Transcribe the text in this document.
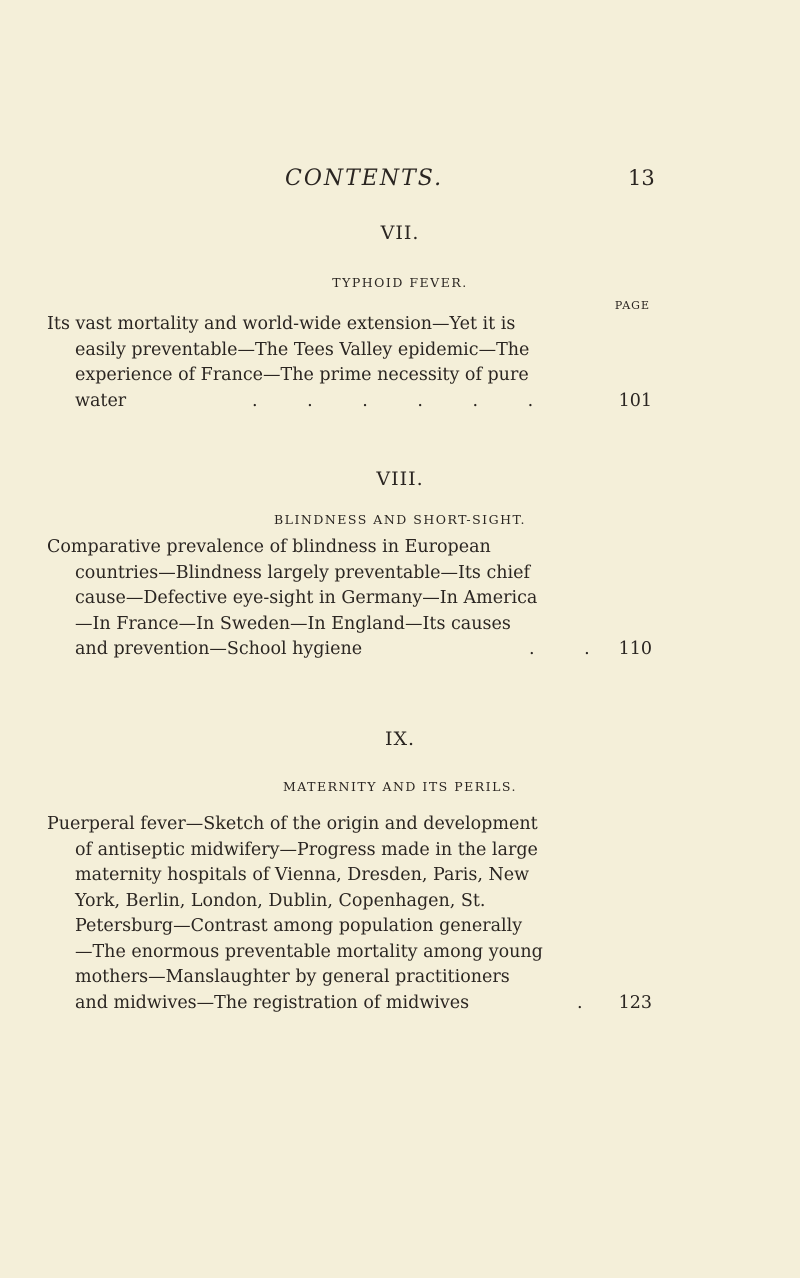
CONTENTS.	13
VII.
TYPHOID FEVER.
PAGE
Its vast mortality and world-wide extension—Yet it is
easily preventable—The Tees Valley epidemic—The
experience of France—The prime necessity of pure
water	. . . . . .	101
VIII.
BLINDNESS AND SHORT-SIGHT.
Comparative prevalence of blindness in European
countries—Blindness largely preventable—Its chief
cause—Defective eye-sight in Germany—In America
—In France—In Sweden—In England—Its causes
and prevention—School hygiene	. . 110
IX.
MATERNITY AND ITS PERILS.
Puerperal fever—Sketch of the origin and development
of antiseptic midwifery—Progress made in the large
maternity hospitals of Vienna, Dresden, Paris, New
York, Berlin, London, Dublin, Copenhagen, St.
Petersburg—Contrast among population generally
—The enormous preventable mortality among young
mothers—Manslaughter by general practitioners
and midwives—The registration of midwives	. 123
